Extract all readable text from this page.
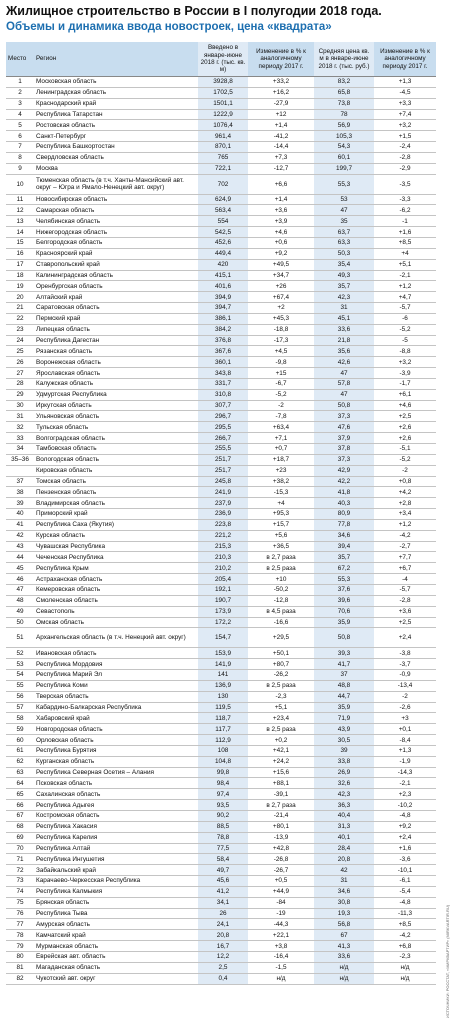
Жилищное строительство в России в I полугодии 2018 года.
Объемы и динамика ввода новостроек, цена «квадрата»
Место	Регион	Введено в январе-июне 2018 г. (тыс. кв. м)	Изменение в % к аналогичному периоду 2017 г.	Средняя цена кв. м в январе-июне 2018 г. (тыс. руб.)	Изменение в % к аналогичному периоду 2017 г.
1	Московская область	3928,8	+33,2	83,2	+1,3
2	Ленинградская область	1702,5	+16,2	65,8	-4,5
3	Краснодарский край	1501,1	-27,9	73,8	+3,3
4	Республика Татарстан	1222,9	+12	78	+7,4
5	Ростовская область	1076,4	+1,4	56,9	+3,2
6	Санкт-Петербург	961,4	-41,2	105,3	+1,5
7	Республика Башкортостан	870,1	-14,4	54,3	-2,4
8	Свердловская область	765	+7,3	60,1	-2,8
9	Москва	722,1	-12,7	199,7	-2,9
10	Тюменская область (в т.ч. Ханты-Мансийский авт. округ – Югра и Ямало-Ненецкий авт. округ)	702	+6,6	55,3	-3,5
11	Новосибирская область	624,9	+1,4	53	-3,3
12	Самарская область	563,4	+3,6	47	-6,2
13	Челябинская область	554	+3,9	35	-1
14	Нижегородская область	542,5	+4,6	63,7	+1,6
15	Белгородская область	452,6	+0,6	63,3	+8,5
16	Красноярский край	449,4	+9,2	50,3	+4
17	Ставропольский край	420	+49,5	35,4	+5,1
18	Калининградская область	415,1	+34,7	49,3	-2,1
19	Оренбургская область	401,6	+26	35,7	+1,2
20	Алтайский край	394,9	+67,4	42,3	+4,7
21	Саратовская область	394,7	+2	31	-5,7
22	Пермский край	386,1	+45,3	45,1	-6
23	Липецкая область	384,2	-18,8	33,6	-5,2
24	Республика Дагестан	376,8	-17,3	21,8	-5
25	Рязанская область	367,6	+4,5	35,6	-8,8
26	Воронежская область	360,1	-9,8	42,6	+3,2
27	Ярославская область	343,8	+15	47	-3,9
28	Калужская область	331,7	-6,7	57,8	-1,7
29	Удмуртская Республика	310,8	-5,2	47	+6,1
30	Иркутская область	307,7	-2	50,8	+4,6
31	Ульяновская область	296,7	-7,8	37,3	+2,5
32	Тульская область	295,5	+63,4	47,6	+2,6
33	Волгоградская область	266,7	+7,1	37,9	+2,6
34	Тамбовская область	255,5	+0,7	37,8	-5,1
35–36	Вологодская область	251,7	+18,7	37,3	-5,2
	Кировская область	251,7	+23	42,9	-2
37	Томская область	245,8	+38,2	42,2	+0,8
38	Пензенская область	241,9	-15,3	41,8	+4,2
39	Владимирская область	237,9	+4	40,3	+2,8
40	Приморский край	236,9	+95,3	80,9	+3,4
41	Республика Саха (Якутия)	223,8	+15,7	77,8	+1,2
42	Курская область	221,2	+5,6	34,6	-4,2
43	Чувашская Республика	215,3	+36,5	39,4	-2,7
44	Чеченская Республика	210,3	в 2,7 раза	35,7	+7,7
45	Республика Крым	210,2	в 2,5 раза	67,2	+6,7
46	Астраханская область	205,4	+10	55,3	-4
47	Кемеровская область	192,1	-50,2	37,6	-5,7
48	Смоленская область	190,7	-12,8	39,6	-2,8
49	Севастополь	173,9	в 4,5 раза	70,6	+3,6
50	Омская область	172,2	-16,6	35,9	+2,5
51	Архангельская область (в т.ч. Ненецкий авт. округ)	154,7	+29,5	50,8	+2,4
52	Ивановская область	153,9	+50,1	39,3	-3,8
53	Республика Мордовия	141,9	+80,7	41,7	-3,7
54	Республика Марий Эл	141	-26,2	37	-0,9
55	Республика Коми	136,9	в 2,5 раза	48,8	-13,4
56	Тверская область	130	-2,3	44,7	-2
57	Кабардино-Балкарская Республика	119,5	+5,1	35,9	-2,6
58	Хабаровский край	118,7	+23,4	71,9	+3
59	Новгородская область	117,7	в 2,5 раза	43,9	+0,1
60	Орловская область	112,9	+0,2	30,5	-8,4
61	Республика Бурятия	108	+42,1	39	+1,3
62	Курганская область	104,8	+24,2	33,8	-1,9
63	Республика Северная Осетия – Алания	99,8	+15,6	26,9	-14,3
64	Псковская область	98,4	+88,1	32,6	-2,1
65	Сахалинская область	97,4	-39,1	42,3	+2,3
66	Республика Адыгея	93,5	в 2,7 раза	36,3	-10,2
67	Костромская область	90,2	-21,4	40,4	-4,8
68	Республика Хакасия	88,5	+80,1	31,3	+9,2
69	Республика Карелия	78,8	-13,9	40,1	+2,4
70	Республика Алтай	77,5	+42,8	28,4	+1,6
71	Республика Ингушетия	58,4	-26,8	20,8	-3,6
72	Забайкальский край	49,7	-26,7	42	-10,1
73	Карачаево-Черкесская Республика	45,6	+0,5	31	-6,1
74	Республика Калмыкия	41,2	+44,9	34,6	-5,4
75	Брянская область	34,1	-84	30,8	-4,8
76	Республика Тыва	26	-19	19,3	-11,3
77	Амурская область	24,1	-44,3	56,8	+8,5
78	Камчатский край	20,8	+22,1	67	-4,2
79	Мурманская область	16,7	+3,8	41,3	+6,8
80	Еврейская авт. область	12,2	-16,4	33,6	-2,3
81	Магаданская область	2,5	-1,5	н/д	н/д
82	Чукотский авт. округ	0,4	н/д	н/д	н/д	ИСТОЧНИКИ: РОССТАТ, «МИРКВАРТИР» (MIRKVARTIR.RU)
